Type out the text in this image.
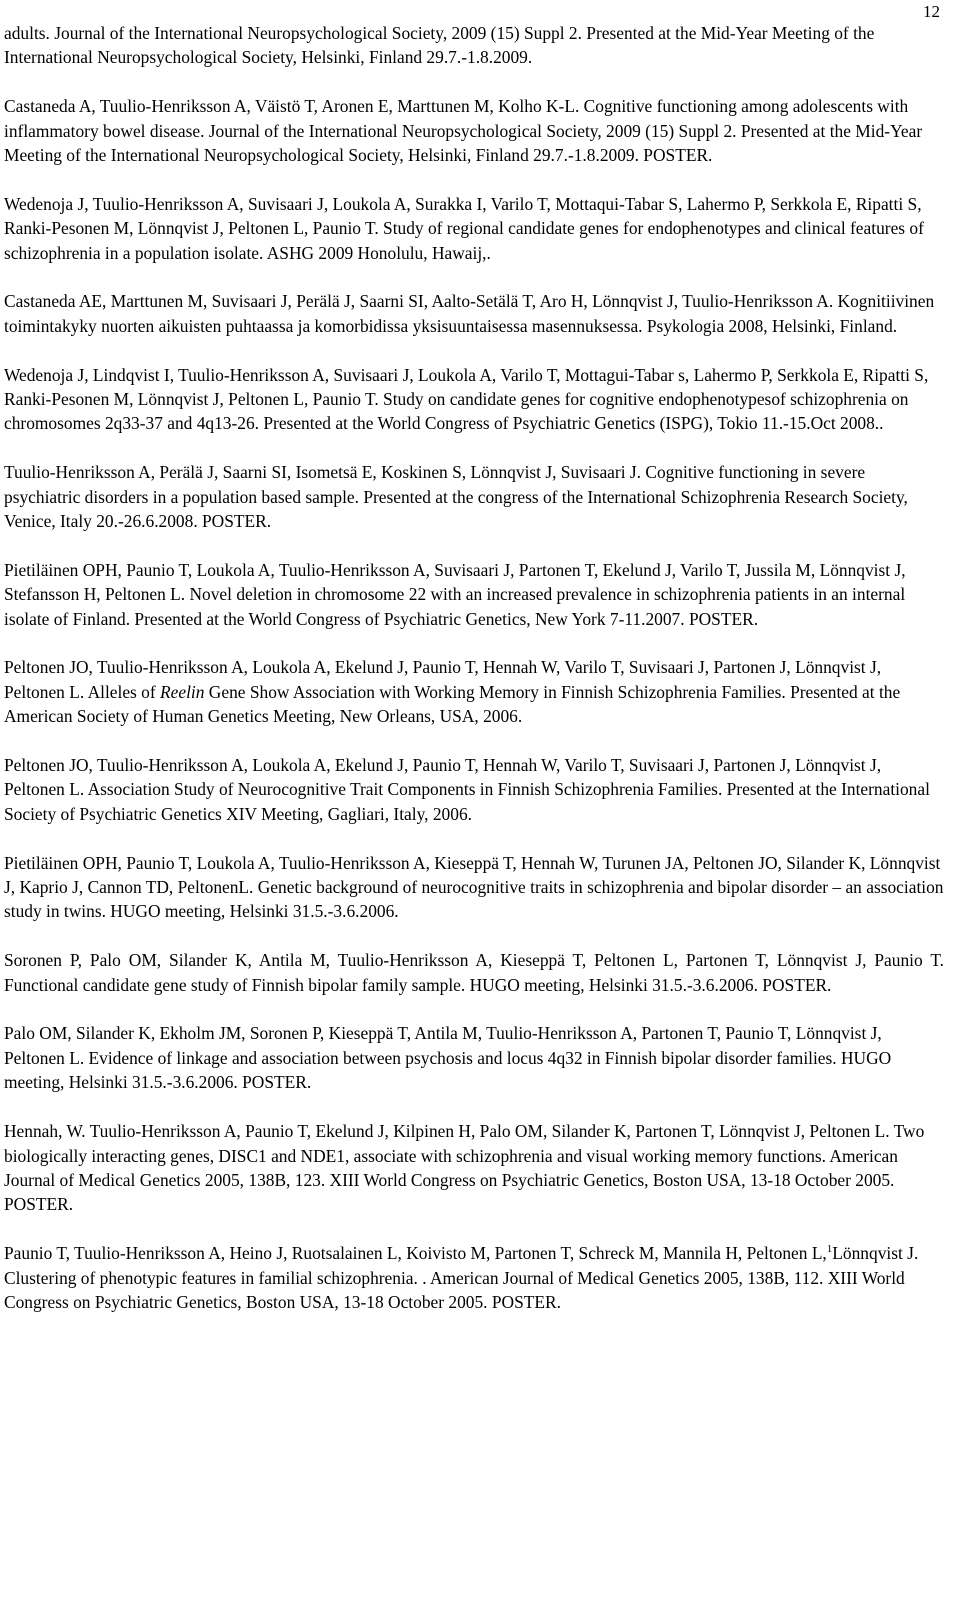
12

adults. Journal of the International Neuropsychological Society, 2009 (15) Suppl 2. Presented at the Mid-Year Meeting of the International Neuropsychological Society, Helsinki, Finland 29.7.-1.8.2009.

Castaneda A, Tuulio-Henriksson A, Väistö T, Aronen E, Marttunen M, Kolho K-L. Cognitive functioning among adolescents with inflammatory bowel disease. Journal of the International Neuropsychological Society, 2009 (15) Suppl 2. Presented at the Mid-Year Meeting of the International Neuropsychological Society, Helsinki, Finland 29.7.-1.8.2009. POSTER.

Wedenoja J, Tuulio-Henriksson A, Suvisaari J, Loukola A, Surakka I, Varilo T, Mottaqui-Tabar S, Lahermo P, Serkkola E, Ripatti S, Ranki-Pesonen M, Lönnqvist J, Peltonen L, Paunio T. Study of regional candidate genes for endophenotypes and clinical features of schizophrenia in a population isolate. ASHG 2009 Honolulu, Hawaij,.

Castaneda AE, Marttunen M, Suvisaari J, Perälä J, Saarni SI, Aalto-Setälä T, Aro H, Lönnqvist J, Tuulio-Henriksson A. Kognitiivinen toimintakyky nuorten aikuisten puhtaassa ja komorbidissa yksisuuntaisessa masennuksessa. Psykologia 2008, Helsinki, Finland.

Wedenoja J, Lindqvist I, Tuulio-Henriksson A, Suvisaari J, Loukola A, Varilo T, Mottagui-Tabar s, Lahermo P, Serkkola E, Ripatti S, Ranki-Pesonen M, Lönnqvist J, Peltonen L, Paunio T. Study on candidate genes for cognitive endophenotypesof schizophrenia on chromosomes 2q33-37 and 4q13-26. Presented at the World Congress of Psychiatric Genetics (ISPG), Tokio 11.-15.Oct 2008..

Tuulio-Henriksson A, Perälä J, Saarni SI, Isometsä E, Koskinen S, Lönnqvist J, Suvisaari J. Cognitive functioning in severe psychiatric disorders in a population based sample. Presented at the congress of the International Schizophrenia Research Society, Venice, Italy 20.-26.6.2008. POSTER.

Pietiläinen OPH, Paunio T, Loukola A, Tuulio-Henriksson A, Suvisaari J, Partonen T, Ekelund J, Varilo T, Jussila M, Lönnqvist J, Stefansson H, Peltonen L. Novel deletion in chromosome 22 with an increased prevalence in schizophrenia patients in an internal isolate of Finland. Presented at the World Congress of Psychiatric Genetics, New York 7-11.2007. POSTER.

Peltonen JO, Tuulio-Henriksson A, Loukola A, Ekelund J, Paunio T, Hennah W, Varilo T, Suvisaari J, Partonen J, Lönnqvist J, Peltonen L. Alleles of Reelin Gene Show Association with Working Memory in Finnish Schizophrenia Families. Presented at the American Society of Human Genetics Meeting, New Orleans, USA, 2006.

Peltonen JO, Tuulio-Henriksson A, Loukola A, Ekelund J, Paunio T, Hennah W, Varilo T, Suvisaari J, Partonen J, Lönnqvist J, Peltonen L. Association Study of Neurocognitive Trait Components in Finnish Schizophrenia Families. Presented at the International Society of Psychiatric Genetics XIV Meeting, Gagliari, Italy, 2006.

Pietiläinen OPH, Paunio T, Loukola A, Tuulio-Henriksson A, Kieseppä T, Hennah W, Turunen JA, Peltonen JO, Silander K, Lönnqvist J, Kaprio J, Cannon TD, PeltonenL. Genetic background of neurocognitive traits in schizophrenia and bipolar disorder – an association study in twins. HUGO meeting, Helsinki 31.5.-3.6.2006.

Soronen P, Palo OM, Silander K, Antila M, Tuulio-Henriksson A, Kieseppä T, Peltonen L, Partonen T, Lönnqvist J, Paunio T. Functional candidate gene study of Finnish bipolar family sample. HUGO meeting, Helsinki 31.5.-3.6.2006. POSTER.

Palo OM, Silander K, Ekholm JM, Soronen P, Kieseppä T, Antila M, Tuulio-Henriksson A, Partonen T, Paunio T, Lönnqvist J, Peltonen L. Evidence of linkage and association between psychosis and locus 4q32 in Finnish bipolar disorder families. HUGO meeting, Helsinki 31.5.-3.6.2006. POSTER.

Hennah, W. Tuulio-Henriksson A, Paunio T, Ekelund J, Kilpinen H, Palo OM, Silander K, Partonen T, Lönnqvist J, Peltonen L. Two biologically interacting genes, DISC1 and NDE1, associate with schizophrenia and visual working memory functions. American Journal of Medical Genetics 2005, 138B, 123. XIII World Congress on Psychiatric Genetics, Boston USA, 13-18 October 2005. POSTER.

Paunio T, Tuulio-Henriksson A, Heino J, Ruotsalainen L, Koivisto M, Partonen T, Schreck M, Mannila H, Peltonen L,$^1$Lönnqvist J. Clustering of phenotypic features in familial schizophrenia. . American Journal of Medical Genetics 2005, 138B, 112. XIII World Congress on Psychiatric Genetics, Boston USA, 13-18 October 2005. POSTER.
